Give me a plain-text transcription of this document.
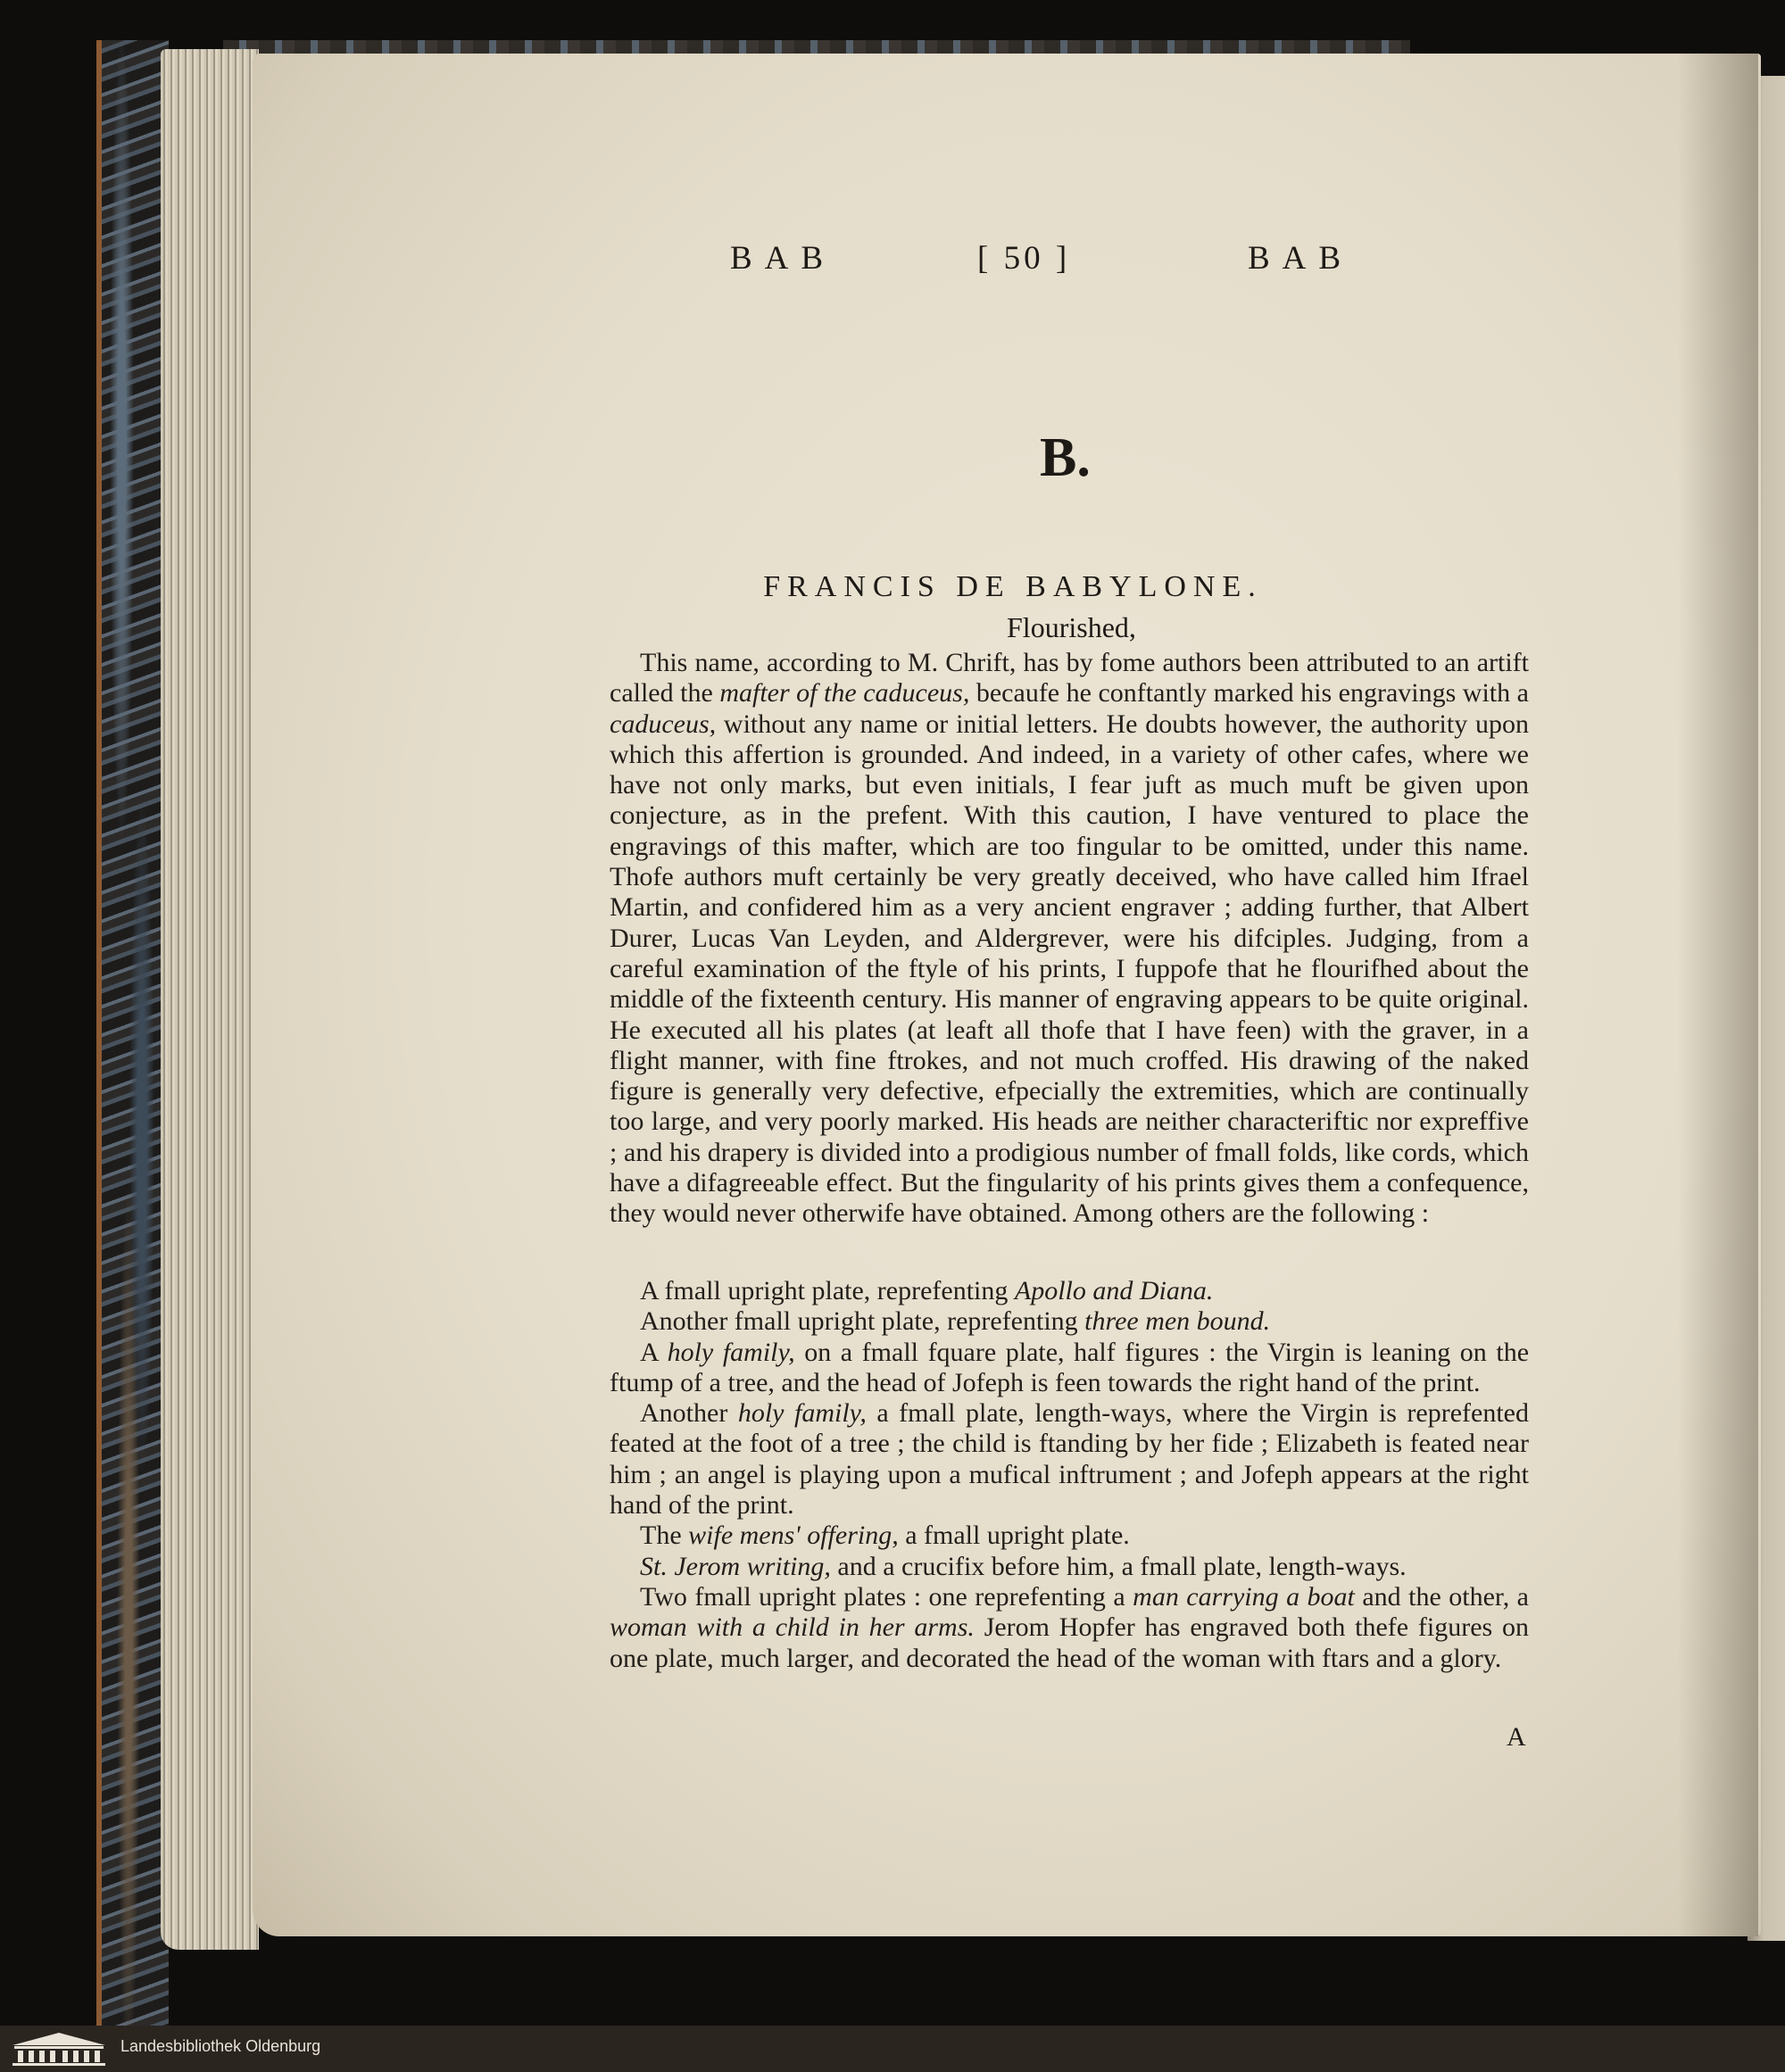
BAB	[ 50 ]	BAB
B.
FRANCIS DE BABYLONE.
Flourished,

This name, according to M. Chrift, has by fome authors been attributed to an artift called the mafter of the caduceus, becaufe he conftantly marked his engravings with a caduceus, without any name or initial letters. He doubts however, the authority upon which this affertion is grounded. And indeed, in a variety of other cafes, where we have not only marks, but even initials, I fear juft as much muft be given upon conjecture, as in the prefent. With this caution, I have ventured to place the engravings of this mafter, which are too fingular to be omitted, under this name. Thofe authors muft certainly be very greatly deceived, who have called him Ifrael Martin, and confidered him as a very ancient engraver ; adding further, that Albert Durer, Lucas Van Leyden, and Aldergrever, were his difciples. Judging, from a careful examination of the ftyle of his prints, I fuppofe that he flourifhed about the middle of the fixteenth century. His manner of engraving appears to be quite original. He executed all his plates (at leaft all thofe that I have feen) with the graver, in a flight manner, with fine ftrokes, and not much croffed. His drawing of the naked figure is generally very defective, efpecially the extremities, which are continually too large, and very poorly marked. His heads are neither characteriftic nor expreffive ; and his drapery is divided into a prodigious number of fmall folds, like cords, which have a difagreeable effect. But the fingularity of his prints gives them a confequence, they would never otherwife have obtained. Among others are the following :

A fmall upright plate, reprefenting Apollo and Diana.
Another fmall upright plate, reprefenting three men bound.
A holy family, on a fmall fquare plate, half figures : the Virgin is leaning on the ftump of a tree, and the head of Jofeph is feen towards the right hand of the print.
Another holy family, a fmall plate, length-ways, where the Virgin is reprefented feated at the foot of a tree ; the child is ftanding by her fide ; Elizabeth is feated near him ; an angel is playing upon a mufical inftrument ; and Jofeph appears at the right hand of the print.
The wife mens' offering, a fmall upright plate.
St. Jerom writing, and a crucifix before him, a fmall plate, length-ways.
Two fmall upright plates : one reprefenting a man carrying a boat and the other, a woman with a child in her arms. Jerom Hopfer has engraved both thefe figures on one plate, much larger, and decorated the head of the woman with ftars and a glory.
A
Landesbibliothek Oldenburg
